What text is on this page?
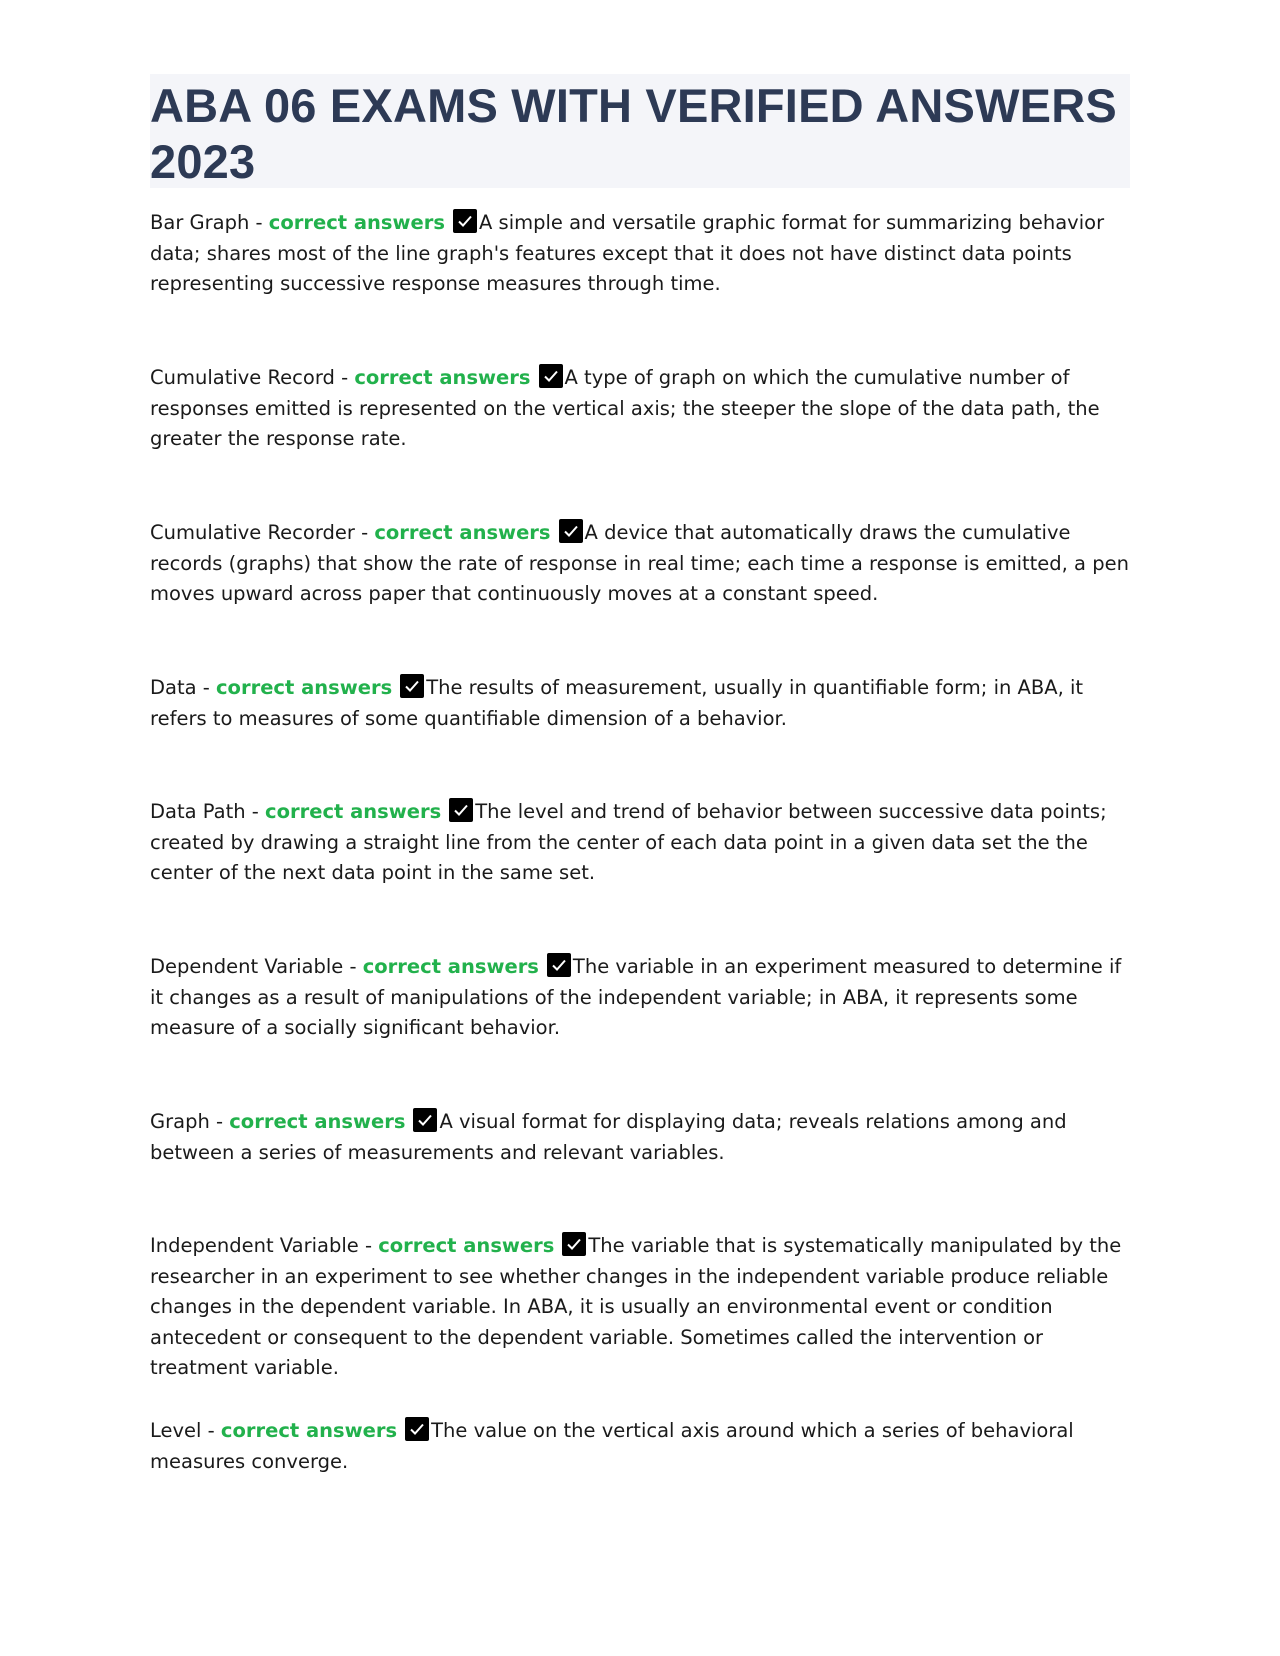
ABA 06 EXAMS WITH VERIFIED ANSWERS 2023

Bar Graph - correct answers A simple and versatile graphic format for summarizing behavior data; shares most of the line graph's features except that it does not have distinct data points representing successive response measures through time.

Cumulative Record - correct answers A type of graph on which the cumulative number of responses emitted is represented on the vertical axis; the steeper the slope of the data path, the greater the response rate.

Cumulative Recorder - correct answers A device that automatically draws the cumulative records (graphs) that show the rate of response in real time; each time a response is emitted, a pen moves upward across paper that continuously moves at a constant speed.

Data - correct answers The results of measurement, usually in quantifiable form; in ABA, it refers to measures of some quantifiable dimension of a behavior.

Data Path - correct answers The level and trend of behavior between successive data points; created by drawing a straight line from the center of each data point in a given data set the the center of the next data point in the same set.

Dependent Variable - correct answers The variable in an experiment measured to determine if it changes as a result of manipulations of the independent variable; in ABA, it represents some measure of a socially significant behavior.

Graph - correct answers A visual format for displaying data; reveals relations among and between a series of measurements and relevant variables.

Independent Variable - correct answers The variable that is systematically manipulated by the researcher in an experiment to see whether changes in the independent variable produce reliable changes in the dependent variable. In ABA, it is usually an environmental event or condition antecedent or consequent to the dependent variable. Sometimes called the intervention or treatment variable.

Level - correct answers The value on the vertical axis around which a series of behavioral measures converge.
